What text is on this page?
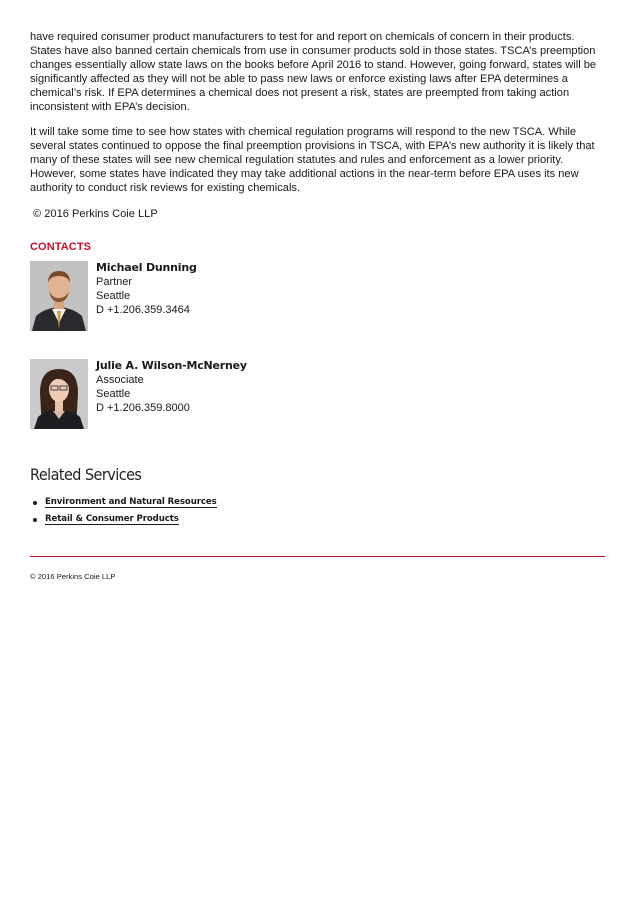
have required consumer product manufacturers to test for and report on chemicals of concern in their products. States have also banned certain chemicals from use in consumer products sold in those states. TSCA’s preemption changes essentially allow state laws on the books before April 2016 to stand. However, going forward, states will be significantly affected as they will not be able to pass new laws or enforce existing laws after EPA determines a chemical’s risk. If EPA determines a chemical does not present a risk, states are preempted from taking action inconsistent with EPA’s decision.

It will take some time to see how states with chemical regulation programs will respond to the new TSCA. While several states continued to oppose the final preemption provisions in TSCA, with EPA’s new authority it is likely that many of these states will see new chemical regulation statutes and rules and enforcement as a lower priority. However, some states have indicated they may take additional actions in the near-term before EPA uses its new authority to conduct risk reviews for existing chemicals.

© 2016 Perkins Coie LLP
CONTACTS
Michael Dunning
Partner
Seattle
D +1.206.359.3464
Julie A. Wilson-McNerney
Associate
Seattle
D +1.206.359.8000
Related Services
Environment and Natural Resources
Retail & Consumer Products
© 2016 Perkins Coie LLP
